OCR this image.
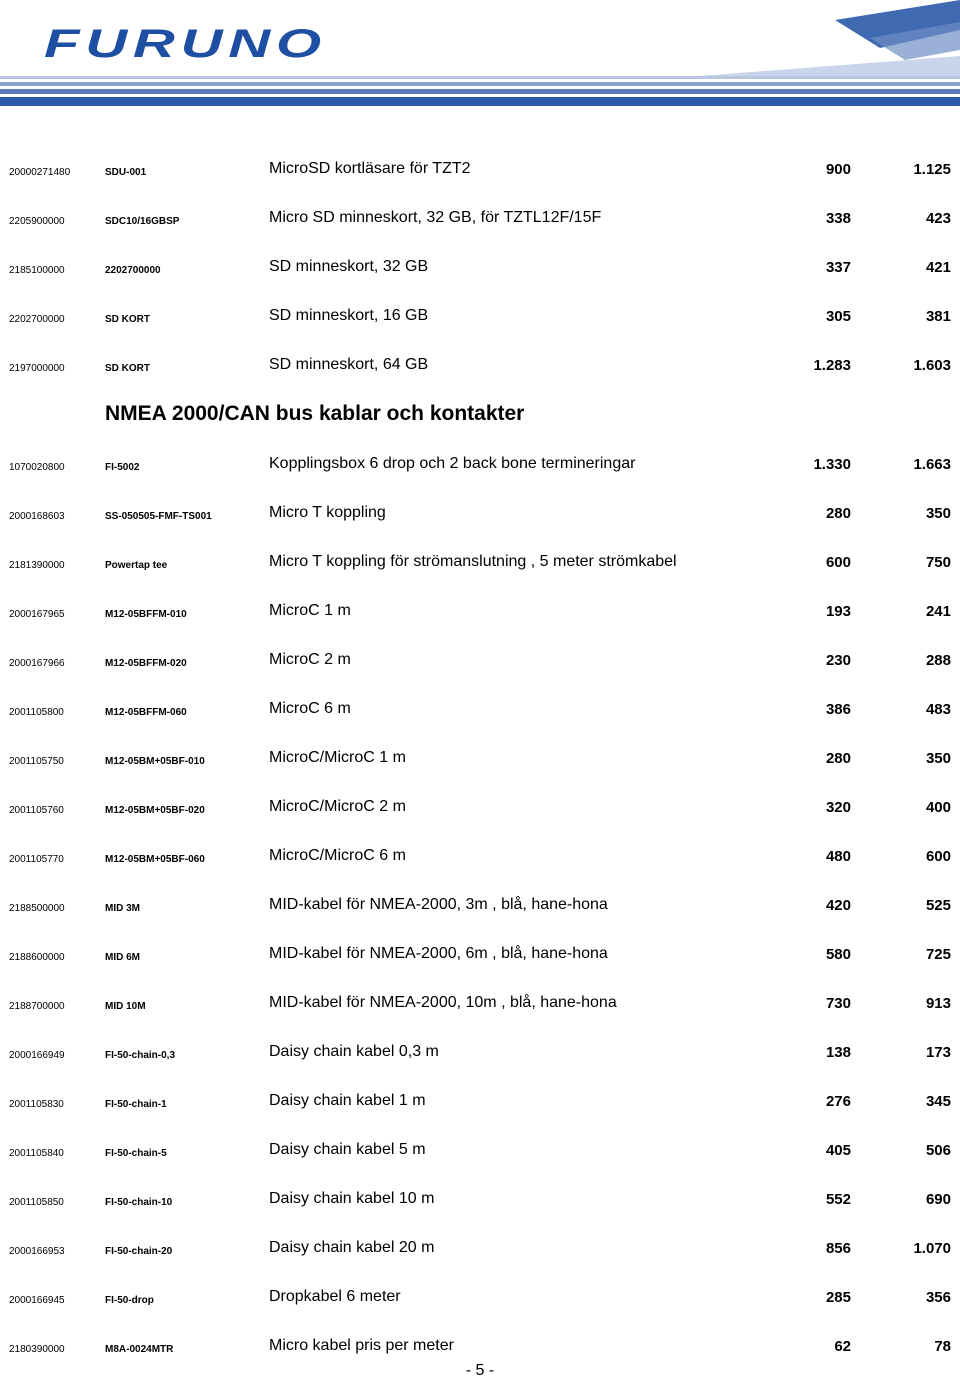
FURUNO
NMEA 2000/CAN bus kablar och kontakter
20000271480	SDU-001	MicroSD kortläsare för TZT2	900	1.125
2205900000	SDC10/16GBSP	Micro SD minneskort, 32 GB, för TZTL12F/15F	338	423
2185100000	2202700000	SD minneskort, 32 GB	337	421
2202700000	SD KORT	SD minneskort, 16 GB	305	381
2197000000	SD KORT	SD minneskort, 64 GB	1.283	1.603
1070020800	FI-5002	Kopplingsbox 6 drop och 2 back bone termineringar	1.330	1.663
2000168603	SS-050505-FMF-TS001	Micro T koppling	280	350
2181390000	Powertap tee	Micro T koppling för strömanslutning , 5 meter strömkabel	600	750
2000167965	M12-05BFFM-010	MicroC 1 m	193	241
2000167966	M12-05BFFM-020	MicroC 2 m	230	288
2001105800	M12-05BFFM-060	MicroC 6 m	386	483
2001105750	M12-05BM+05BF-010	MicroC/MicroC 1 m	280	350
2001105760	M12-05BM+05BF-020	MicroC/MicroC 2 m	320	400
2001105770	M12-05BM+05BF-060	MicroC/MicroC 6 m	480	600
2188500000	MID 3M	MID-kabel för NMEA-2000, 3m , blå, hane-hona	420	525
2188600000	MID 6M	MID-kabel för NMEA-2000, 6m , blå, hane-hona	580	725
2188700000	MID 10M	MID-kabel för NMEA-2000, 10m , blå, hane-hona	730	913
2000166949	FI-50-chain-0,3	Daisy chain kabel 0,3 m	138	173
2001105830	FI-50-chain-1	Daisy chain kabel 1 m	276	345
2001105840	FI-50-chain-5	Daisy chain kabel 5 m	405	506
2001105850	FI-50-chain-10	Daisy chain kabel 10 m	552	690
2000166953	FI-50-chain-20	Daisy chain kabel 20 m	856	1.070
2000166945	FI-50-drop	Dropkabel 6 meter	285	356
2180390000	M8A-0024MTR	Micro kabel pris per meter	62	78
- 5 -
